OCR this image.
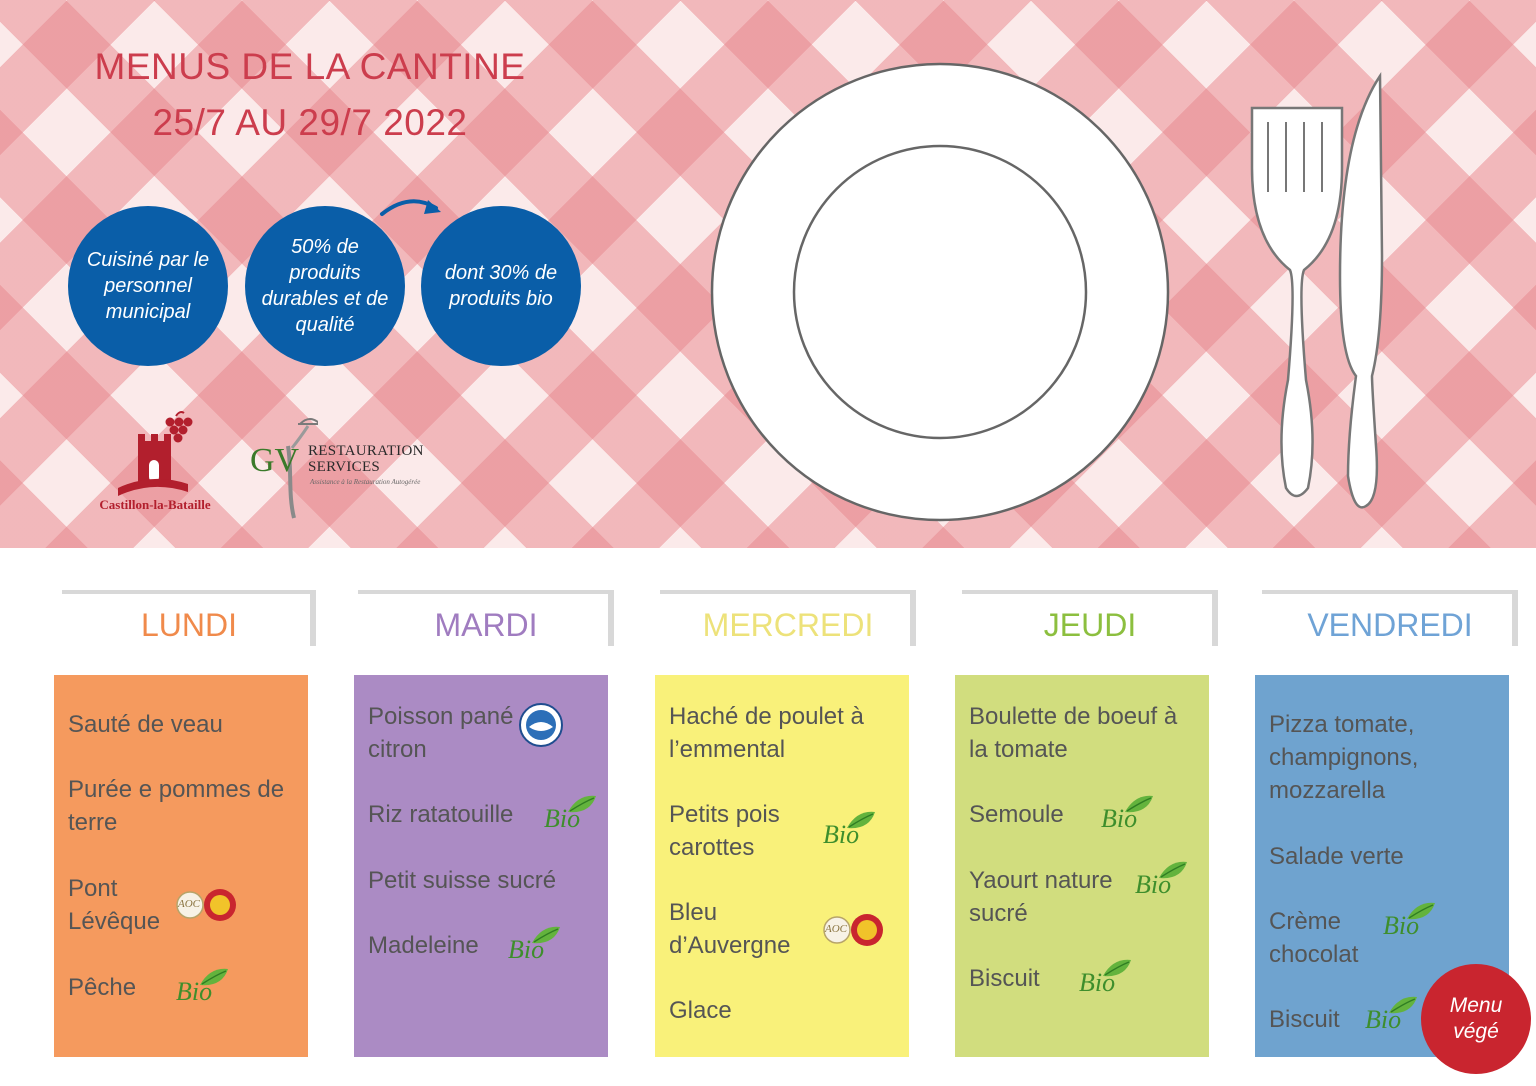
MENUS DE LA CANTINE
25/7 AU 29/7 2022
Cuisiné par le personnel municipal
50% de produits durables et de qualité
dont 30% de produits bio
Castillon-la-Bataille
GV RESTAURATION
SERVICES
Assistance à la Restauration Autogérée
LUNDI
Sauté de veau
Purée e pommes de terre
Pont Lévêque
AOC
Pêche	Bio
MARDI
Poisson pané citron
Riz ratatouille	Bio
Petit suisse sucré
Madeleine	Bio
MERCREDI
Haché de poulet à l’emmental
Petits pois carottes	Bio
Bleu d’Auvergne
AOC
Glace
JEUDI
Boulette de boeuf à la tomate
Semoule	Bio
Yaourt nature sucré
Bio
Biscuit	Bio
VENDREDI
Pizza tomate, champignons, mozzarella
Salade verte
Crème chocolat
Bio
Biscuit Bio	Menu végé
